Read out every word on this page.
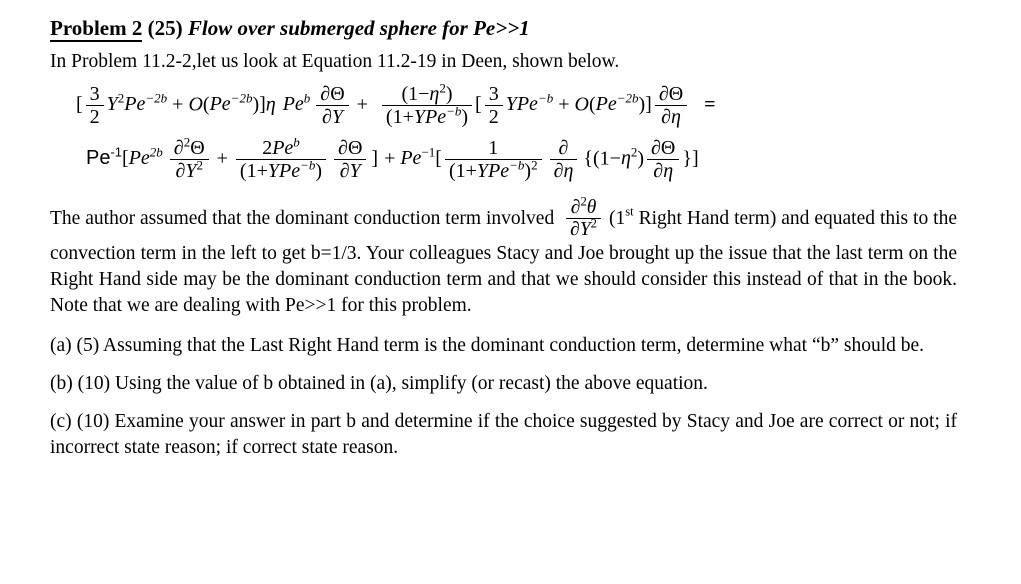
Problem 2 (25) Flow over submerged sphere for Pe>>1
In Problem 11.2-2,let us look at Equation 11.2-19 in Deen, shown below.
[ $\frac{3}{2} Y^2Pe^{-2b} + O(Pe^{-2b})]\eta$ $Pe^b \frac{\partial\Theta}{\partial Y} + \frac{(1-\eta^2)}{(1+YPe^{-b})}$ [ $\frac{3}{2} YPe^{-b} + O(Pe^{-2b})] \frac{\partial\Theta}{\partial\eta}$ =
$Pe^{-1}[Pe^{2b} \frac{\partial^2\Theta}{\partial Y^2} + \frac{2Pe^b}{(1+YPe^{-b})} \frac{\partial\Theta}{\partial Y}$ ] + $Pe^{-1}[ \frac{1}{(1+YPe^{-b})^2} \frac{\partial}{\partial\eta} \{(1-\eta^2) \frac{\partial\Theta}{\partial\eta}$ }]
The author assumed that the dominant conduction term involved $\frac{\partial^2\theta}{\partial Y^2} (1st$ Right Hand term) and equated this to the convection term in the left to get b=1/3. Your colleagues Stacy and Joe brought up the issue that the last term on the Right Hand side may be the dominant conduction term and that we should consider this instead of that in the book. Note that we are dealing with Pe>>1 for this problem.
(a) (5) Assuming that the Last Right Hand term is the dominant conduction term, determine what “b” should be.
(b) (10) Using the value of b obtained in (a), simplify (or recast) the above equation.
(c) (10) Examine your answer in part b and determine if the choice suggested by Stacy and Joe are correct or not; if incorrect state reason; if correct state reason.
